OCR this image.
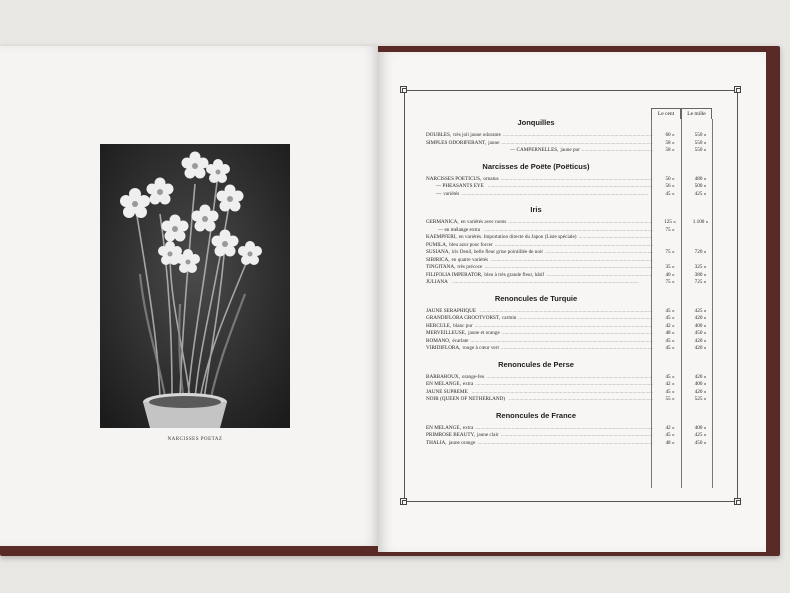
NARCISSES POETAZ
Le cent	Le mille
Jonquilles
DOUBLES, très joli jaune odorante .....	60 »	550 »
SIMPLES ODORIFERANT, jaune .....	58 »	550 »
— CAMPERNELLES, jaune pur .....	58 »	550 »
Narcisses de Poëte (Poëticus)
NARCISSES POETICUS, ornatus .....	50 »	480 »
— PHEASANTS EYE .....	56 »	500 »
— variétés .....	45 »	425 »
Iris
GERMANICA, en variétés avec noms .....	125 »	1.100 »
— en mélange extra .....	75 »
KAEMPFERI, en variétés. Importation directe du Japon (Liste spéciale)
.....
PUMILA, bleu azur pour forcer
.....
SUSIANA, iris Deuil, belle fleur grise pointillée de noir .....	75 »	720 »
SIBIRICA, en quatre variétés
.....
TINGITANA, très précoce .....	35 »	325 »
FILIFOLIA IMPERATOR, bleu à très grande fleur, hâtif .....	40 »	380 »
JULIANA .....	75 »	725 »
Renoncules de Turquie
JAUNE SERAPHIQUE .....	45 »	425 »
GRANDIFLORA GROOTVORST, carmin .....	45 »	420 »
HERCULE, blanc pur .....	42 »	400 »
MERVEILLEUSE, jaune et orange .....	48 »	450 »
ROMANO, écarlate .....	45 »	420 »
VIRIDIFLORA, rouge à cœur vert .....	45 »	420 »
Renoncules de Perse
BARBAROUX, orange-feu .....	45 »	420 »
EN MELANGE, extra .....	42 »	400 »
JAUNE SUPREME .....	45 »	420 »
NOIR (QUEEN OF NETHERLAND) .....	55 »	525 »
Renoncules de France
EN MELANGE, extra .....	42 »	400 »
PRIMROSE BEAUTY, jaune clair .....	45 »	425 »
THALIA, jaune orange .....	48 »	450 »
